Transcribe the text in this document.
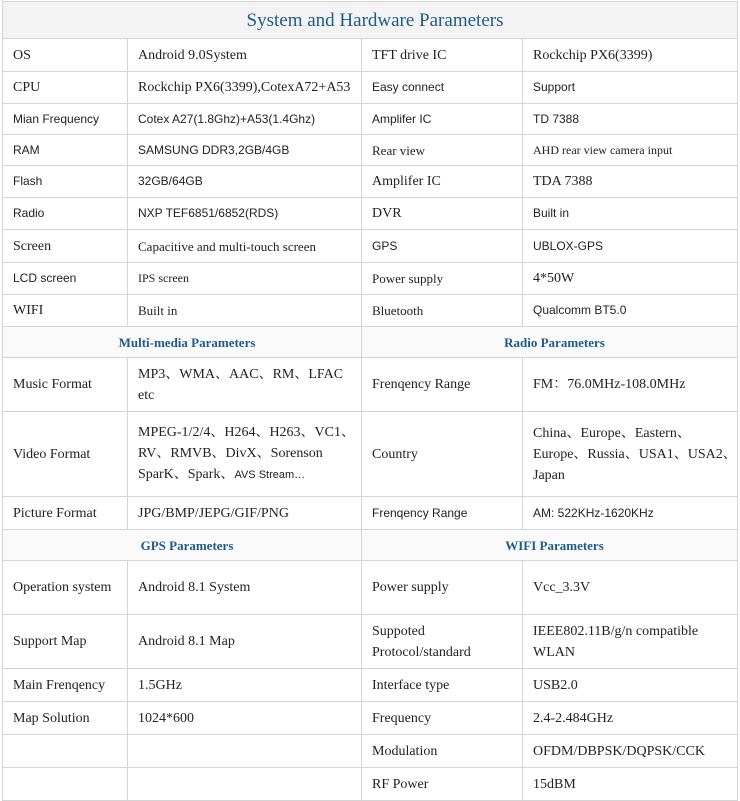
System and Hardware Parameters			
OS	Android 9.0System	TFT drive IC	Rockchip PX6(3399)
CPU	Rockchip PX6(3399),CotexA72+A53	Easy connect	Support
Mian Frequency	Cotex A27(1.8Ghz)+A53(1.4Ghz)	Amplifer IC	TD 7388
RAM	SAMSUNG DDR3,2GB/4GB	Rear view	AHD rear view camera input
Flash	32GB/64GB	Amplifer IC	TDA 7388
Radio	NXP TEF6851/6852(RDS)	DVR	Built in
Screen	Capacitive and multi-touch screen	GPS	UBLOX-GPS
LCD screen	IPS screen	Power supply	4*50W
WIFI	Built in	Bluetooth	Qualcomm BT5.0
Multi-media Parameters		Radio Parameters	
Music Format	MP3、WMA、AAC、RM、LFAC etc	Frenqency Range	FM：76.0MHz-108.0MHz
Video Format	MPEG-1/2/4、H264、H263、VC1、RV、RMVB、DivX、Sorenson SparK、Spark、AVS Stream…	Country	China、Europe、Eastern、Europe、Russia、USA1、USA2、Japan
Picture Format	JPG/BMP/JEPG/GIF/PNG	Frenqency Range	AM: 522KHz-1620KHz
GPS Parameters		WIFI Parameters	
Operation system	Android 8.1 System	Power supply	Vcc_3.3V
Support Map	Android 8.1 Map	Suppoted Protocol/standard	IEEE802.11B/g/n compatible WLAN
Main Frenqency	1.5GHz	Interface type	USB2.0
Map Solution	1024*600	Frequency	2.4-2.484GHz
		Modulation	OFDM/DBPSK/DQPSK/CCK
		RF Power	15dBM
